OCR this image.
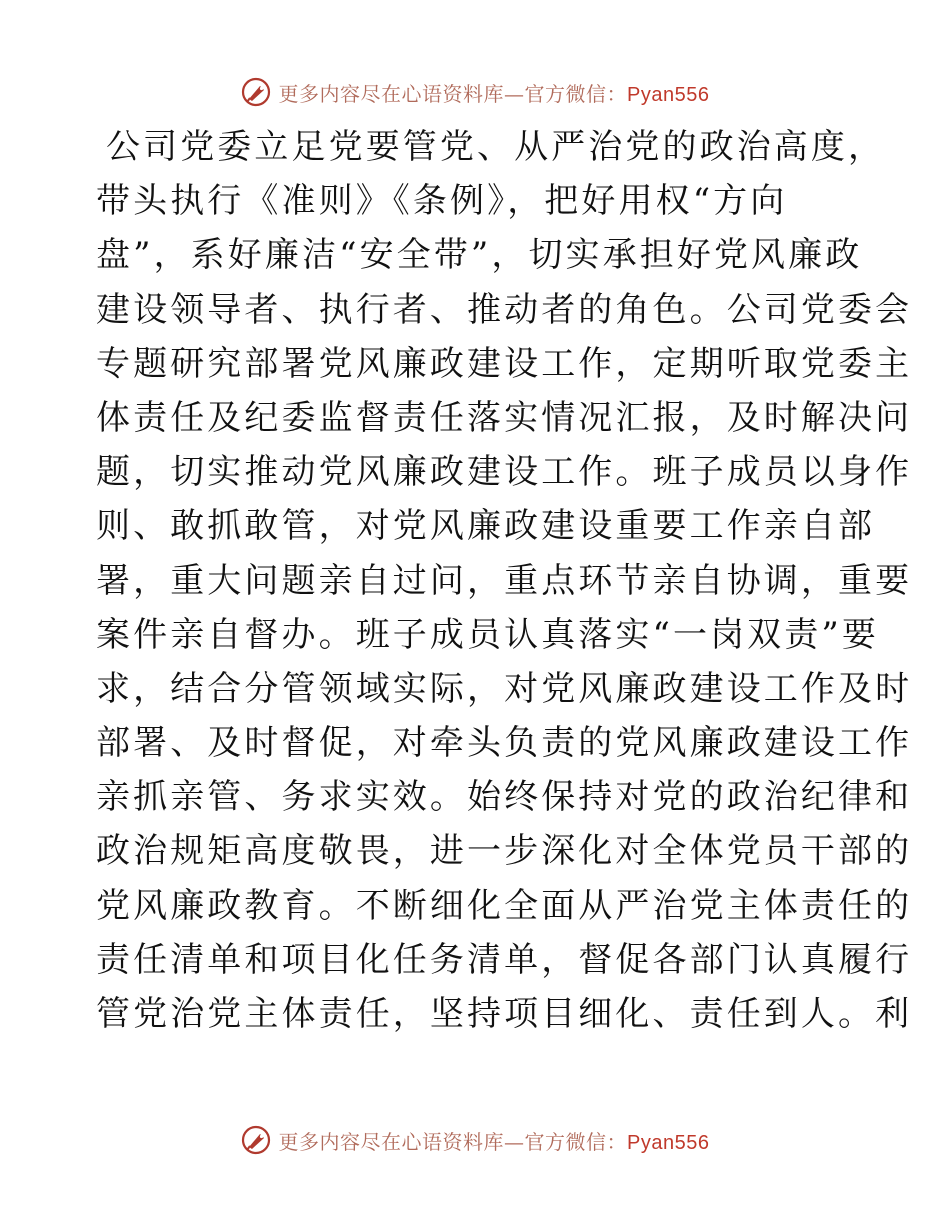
更多内容尽在心语资料库—官方微信：Pyan556
公司党委立足党要管党、从严治党的政治高度，
带头执行《准则》《条例》，把好用权“方向
盘”，系好廉洁“安全带”，切实承担好党风廉政
建设领导者、执行者、推动者的角色。公司党委会
专题研究部署党风廉政建设工作，定期听取党委主
体责任及纪委监督责任落实情况汇报，及时解决问
题，切实推动党风廉政建设工作。班子成员以身作
则、敢抓敢管，对党风廉政建设重要工作亲自部
署，重大问题亲自过问，重点环节亲自协调，重要
案件亲自督办。班子成员认真落实“一岗双责”要
求，结合分管领域实际，对党风廉政建设工作及时
部署、及时督促，对牵头负责的党风廉政建设工作
亲抓亲管、务求实效。始终保持对党的政治纪律和
政治规矩高度敬畏，进一步深化对全体党员干部的
党风廉政教育。不断细化全面从严治党主体责任的
责任清单和项目化任务清单，督促各部门认真履行
管党治党主体责任，坚持项目细化、责任到人。利
更多内容尽在心语资料库—官方微信：Pyan556
